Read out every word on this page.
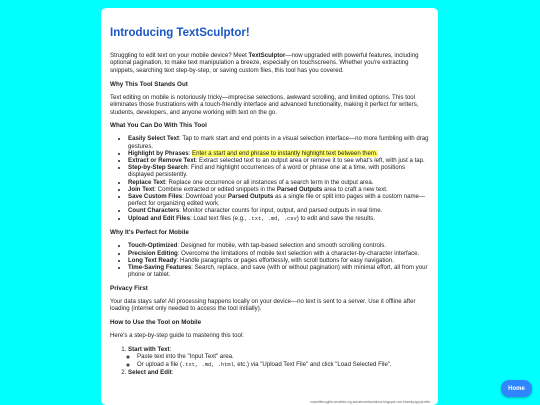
Introducing TextSculptor!

Struggling to edit text on your mobile device? Meet TextSculptor—now upgraded with powerful features, including optional pagination, to make text manipulation a breeze, especially on touchscreens. Whether you're extracting snippets, searching text step-by-step, or saving custom files, this tool has you covered.

Why This Tool Stands Out

Text editing on mobile is notoriously tricky—imprecise selections, awkward scrolling, and limited options. This tool eliminates those frustrations with a touch-friendly interface and advanced functionality, making it perfect for writers, students, developers, and anyone working with text on the go.

What You Can Do With This Tool
• Easily Select Text: Tap to mark start and end points in a visual selection interface—no more fumbling with drag gestures.
• Highlight by Phrases: Enter a start and end phrase to instantly highlight text between them.
• Extract or Remove Text: Extract selected text to an output area or remove it to see what's left, with just a tap.
• Step-by-Step Search: Find and highlight occurrences of a word or phrase one at a time, with positions displayed persistently.
• Replace Text: Replace one occurrence or all instances of a search term in the output area.
• Join Text: Combine extracted or edited snippets in the Parsed Outputs area to craft a new text.
• Save Custom Files: Download your Parsed Outputs as a single file or split into pages with a custom name—perfect for organizing edited work.
• Count Characters: Monitor character counts for input, output, and parsed outputs in real time.
• Upload and Edit Files: Load text files (e.g., .txt, .md, .csv) to edit and save the results.
Why It's Perfect for Mobile
• Touch-Optimized: Designed for mobile, with tap-based selection and smooth scrolling controls.
• Precision Editing: Overcome the limitations of mobile text selection with a character-by-character interface.
• Long Text Ready: Handle paragraphs or pages effortlessly, with scroll buttons for easy navigation.
• Time-Saving Features: Search, replace, and save (with or without pagination) with minimal effort, all from your phone or tablet.
Privacy First

Your data stays safe! All processing happens locally on your device—no text is sent to a server. Use it offline after loading (internet only needed to access the tool initially).

How to Use the Tool on Mobile

Here's a step-by-step guide to mastering this tool:

1. Start with Text:
◦ Paste text into the "Input Text" area.
◦ Or upload a file (.txt, .md, .html, etc.) via "Upload Text File" and click "Load Selected File".
2. Select and Edit:
mywebthoughts.neocities.org autoshewebsolutions.blogspot.com bluesky.app/profile/...
Home
